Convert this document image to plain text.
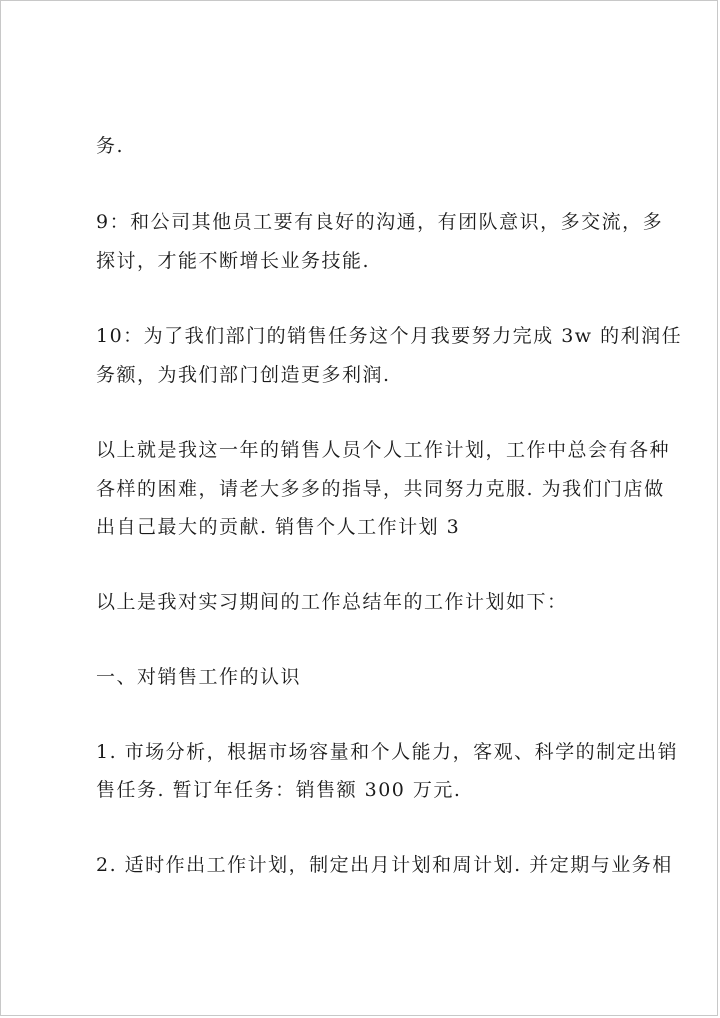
务.
9：和公司其他员工要有良好的沟通，有团队意识，多交流，多
探讨，才能不断增长业务技能.
10：为了我们部门的销售任务这个月我要努力完成 3w 的利润任
务额，为我们部门创造更多利润.
以上就是我这一年的销售人员个人工作计划，工作中总会有各种
各样的困难，请老大多多的指导，共同努力克服. 为我们门店做
出自己最大的贡献. 销售个人工作计划 3
以上是我对实习期间的工作总结年的工作计划如下：
一、对销售工作的认识
1. 市场分析，根据市场容量和个人能力，客观、科学的制定出销
售任务. 暂订年任务：销售额 300 万元.
2. 适时作出工作计划，制定出月计划和周计划. 并定期与业务相
